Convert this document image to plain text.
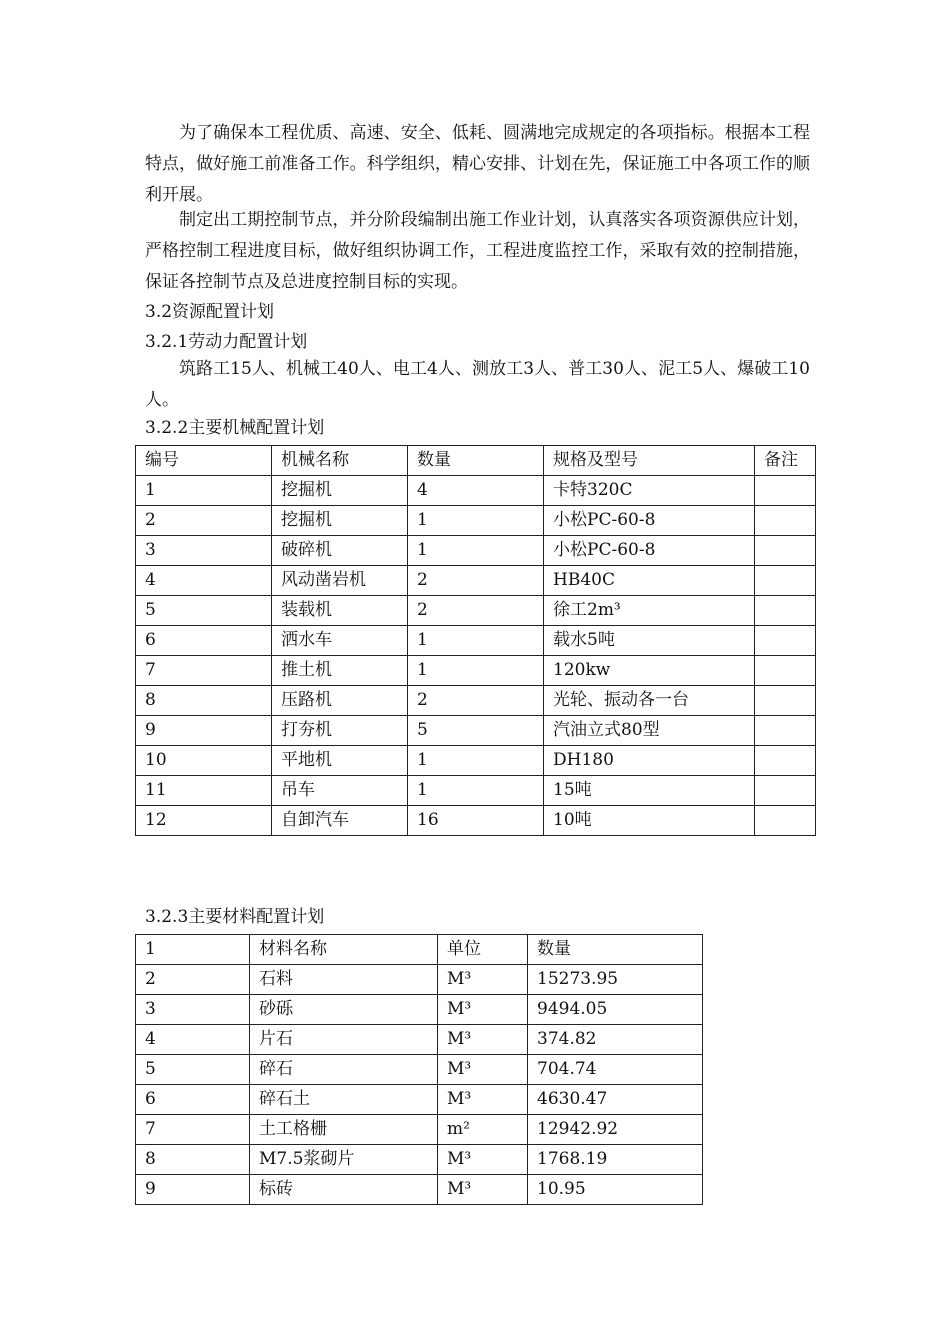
为了确保本工程优质、高速、安全、低耗、圆满地完成规定的各项指标。根据本工程特点，做好施工前准备工作。科学组织，精心安排、计划在先，保证施工中各项工作的顺利开展。

制定出工期控制节点，并分阶段编制出施工作业计划，认真落实各项资源供应计划，严格控制工程进度目标，做好组织协调工作，工程进度监控工作，采取有效的控制措施，保证各控制节点及总进度控制目标的实现。

3.2资源配置计划
3.2.1劳动力配置计划

筑路工15人、机械工40人、电工4人、测放工3人、普工30人、泥工5人、爆破工10人。

3.2.2主要机械配置计划
编号	机械名称	数量	规格及型号	备注
1	挖掘机	4	卡特320C	
2	挖掘机	1	小松PC-60-8	
3	破碎机	1	小松PC-60-8	
4	风动凿岩机	2	HB40C	
5	装载机	2	徐工2m³	
6	洒水车	1	载水5吨	
7	推土机	1	120kw	
8	压路机	2	光轮、振动各一台	
9	打夯机	5	汽油立式80型	
10	平地机	1	DH180	
11	吊车	1	15吨	
12	自卸汽车	16	10吨	
3.2.3主要材料配置计划
1	材料名称	单位	数量
2	石料	M³	15273.95
3	砂砾	M³	9494.05
4	片石	M³	374.82
5	碎石	M³	704.74
6	碎石土	M³	4630.47
7	土工格栅	m²	12942.92
8	M7.5浆砌片	M³	1768.19
9	标砖	M³	10.95
